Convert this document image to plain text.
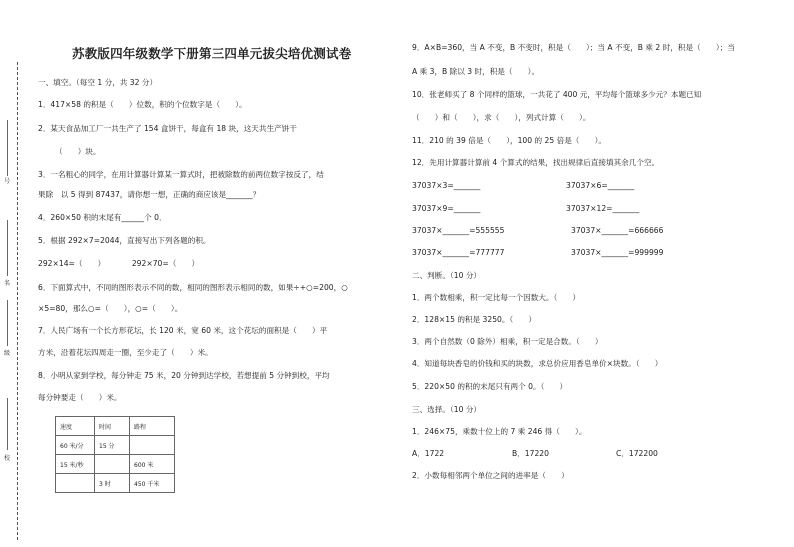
号
名
级
校
苏教版四年级数学下册第三四单元拔尖培优测试卷
一、填空。（每空 1 分，共 32 分）
1．417×58 的积是（　　）位数，积的个位数字是（　　）。
2．某天食品加工厂一共生产了 154 盒饼干，每盒有 18 块，这天共生产饼干
（　　）块。
3．一名粗心的同学，在用计算器计算某一算式时，把被除数的前两位数字按反了，结
果除　以 5 得到 87437，请你想一想，正确的商应该是_______？
4．260×50 积的末尾有______个 0．
5．根据 292×7=2044，直接写出下列各题的积。
292×14=（　　）　　　　292×70=（　　）
6．下面算式中，不同的图形表示不同的数，相同的图形表示相同的数，如果÷+○=200，○
×5=80，那么○=（　　），○=（　　）。
7．人民广场有一个长方形花坛，长 120 米，宽 60 米，这个花坛的面积是（　　）平
方米，沿着花坛四周走一圈，至少走了（　　）米。
8．小明从家到学校，每分钟走 75 米，20 分钟到达学校，若想提前 5 分钟到校，平均
每分钟要走（　　）米。
速度	时间	路程
60 米/分	15 分	
15 米/秒		600 米
	3 时	450 千米
9．A×B=360，当 A 不变，B 不变时，积是（　　）；当 A 不变，B 乘 2 时，积是（　　）；当
A 乘 3，B 除以 3 时，积是（　　）。
10．张老师买了 8 个同样的篮球，一共花了 400 元，平均每个篮球多少元？本题已知
（　　）和（　　），求（　　），列式计算（　　）。
11．210 的 39 倍是（　　），100 的 25 倍是（　　）。
12．先用计算器计算前 4 个算式的结果，找出规律后直接填其余几个空。
37037×3=_______	37037×6=_______
37037×9=_______	37037×12=_______
37037×_______=555555	37037×_______=666666
37037×_______=777777	37037×_______=999999
二、判断。（10 分）
1．两个数相乘，积一定比每一个因数大。（　　）
2．128×15 的积是 3250。（　　）
3．两个自然数（0 除外）相乘，积一定是合数。（　　）
4．知道每块香皂的价钱和买的块数，求总价应用香皂单价×块数。（　　）
5．220×50 的积的末尾只有两个 0。（　　）
三、选择。（10 分）
1．246×75，乘数十位上的 7 乘 246 得（　　）。
A．1722	B．17220	C．172200
2．小数每相邻两个单位之间的进率是（　　）
